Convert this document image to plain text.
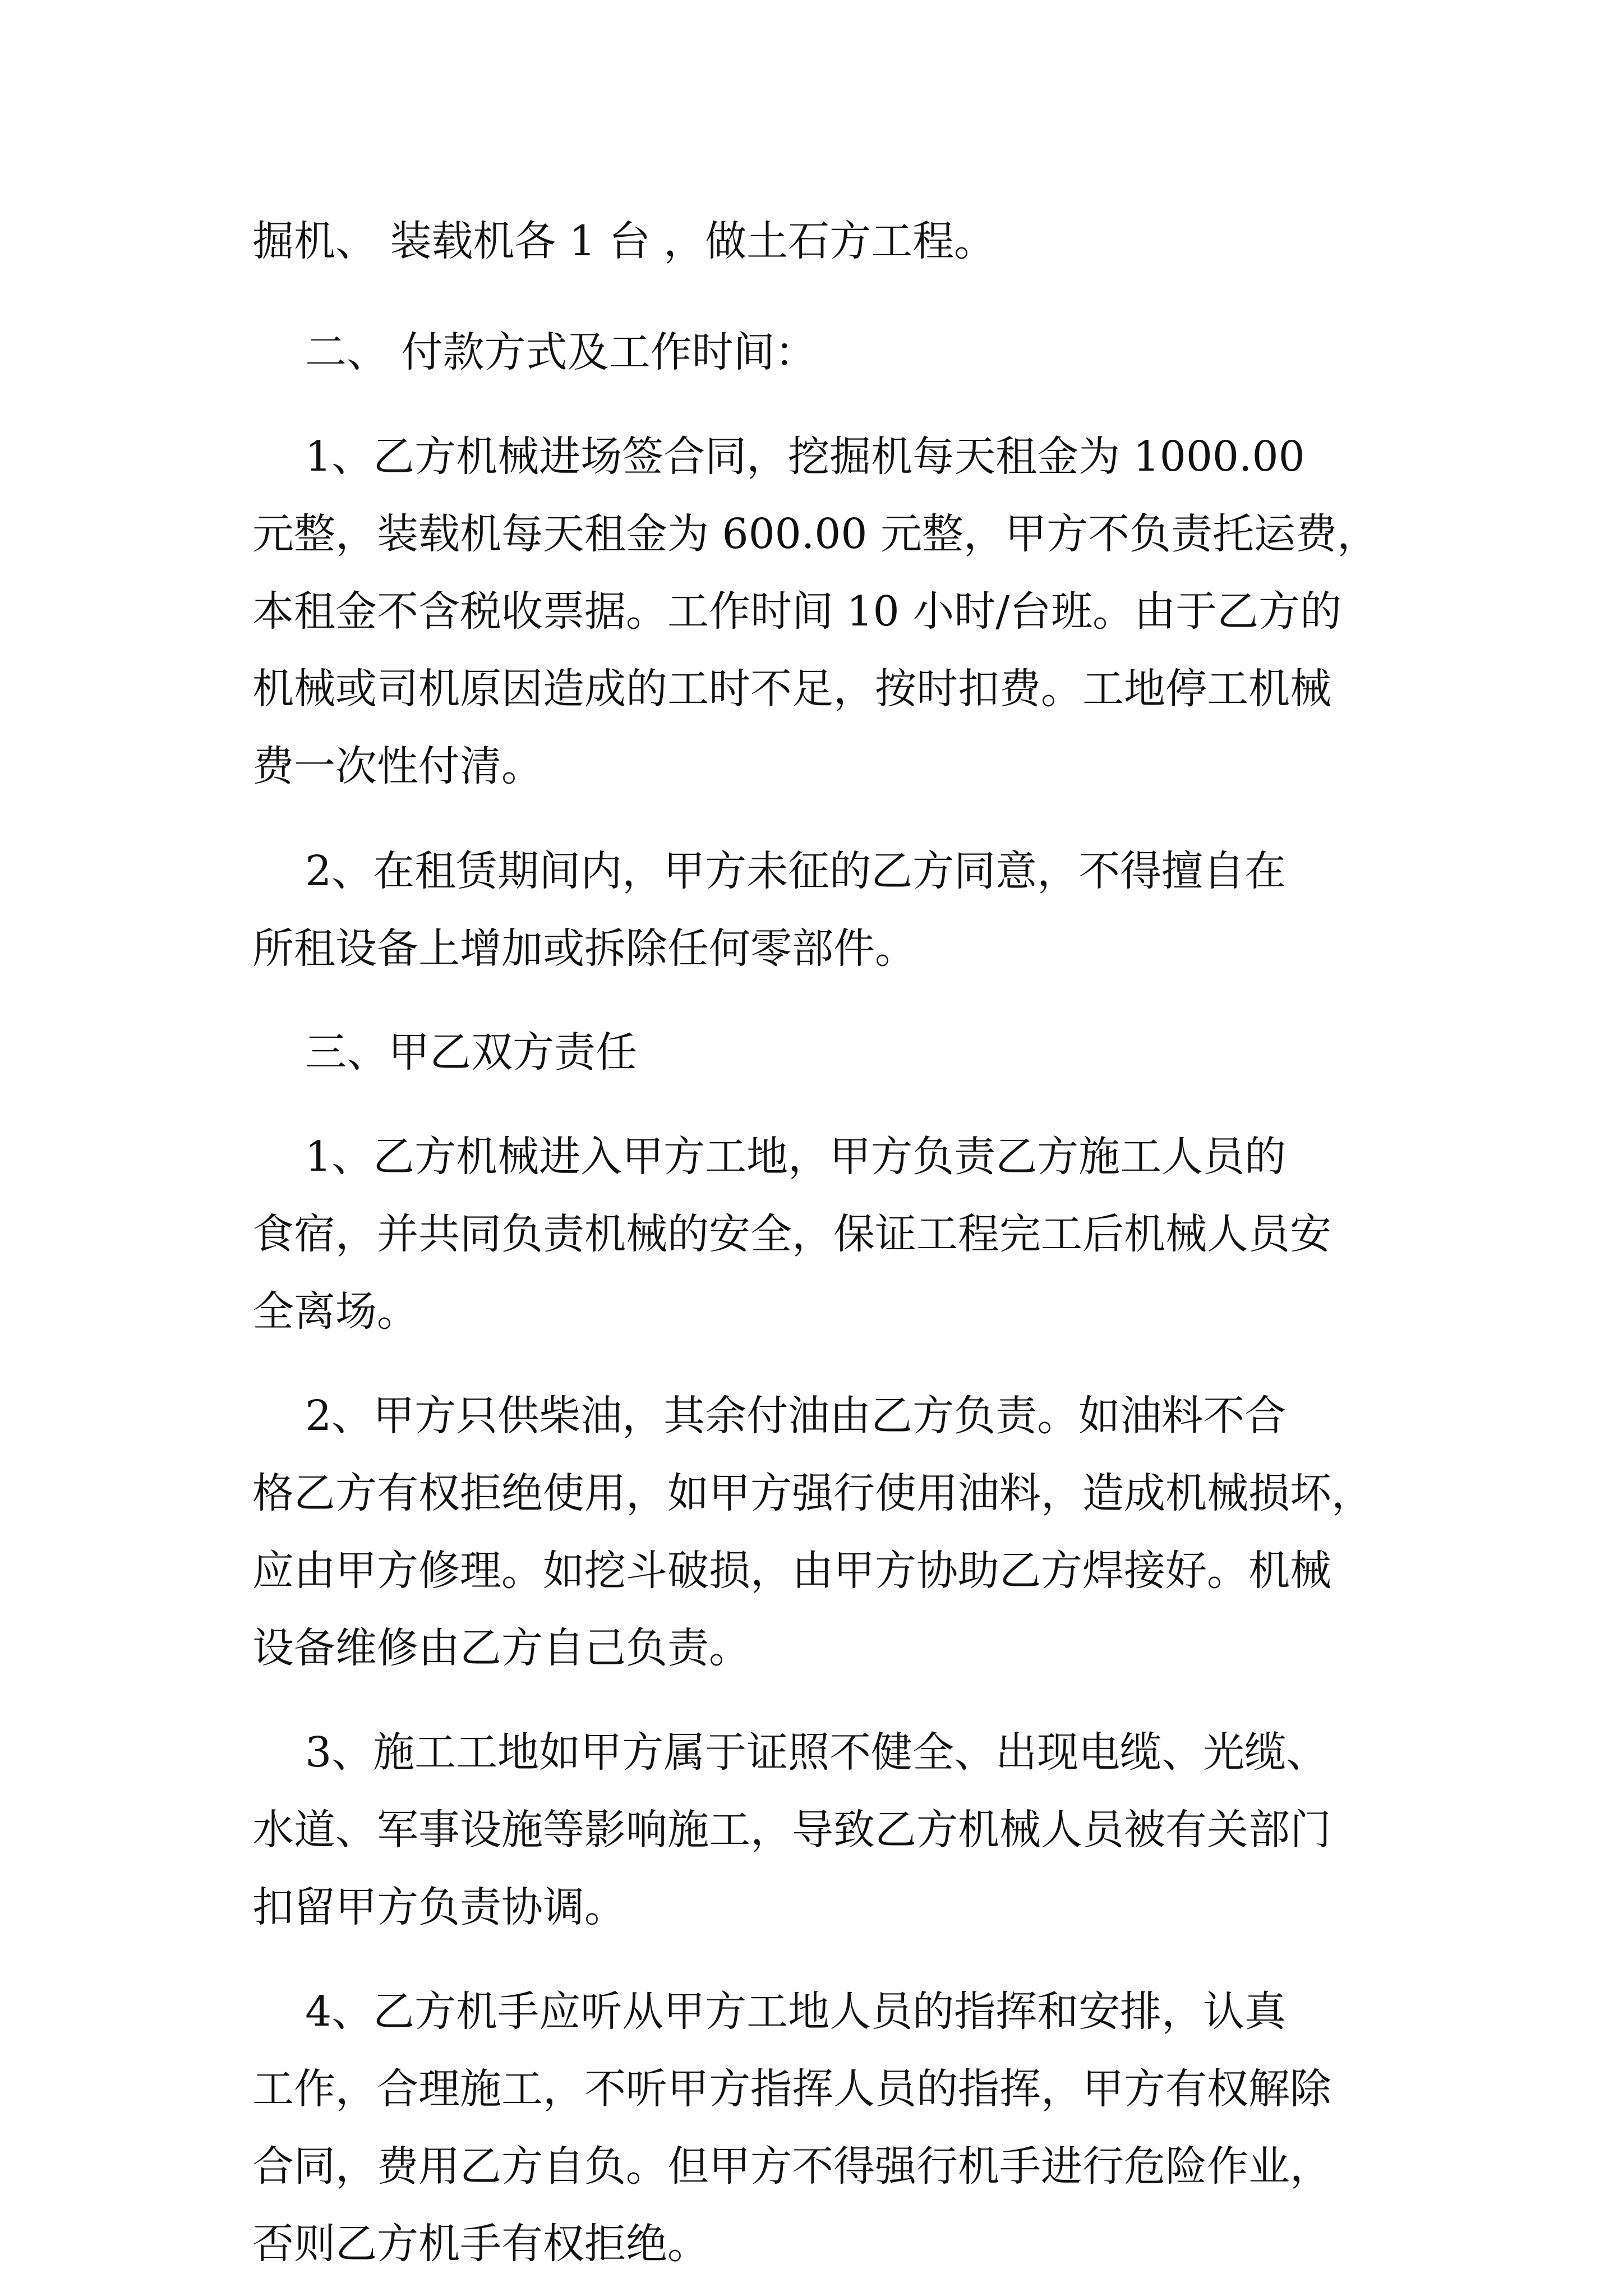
掘机、 装载机各 1 台 ，做土石方工程。
二、 付款方式及工作时间：
1、乙方机械进场签合同，挖掘机每天租金为 1000.00
元整，装载机每天租金为 600.00 元整，甲方不负责托运费，
本租金不含税收票据。工作时间 10 小时/台班。由于乙方的
机械或司机原因造成的工时不足，按时扣费。工地停工机械
费一次性付清。
2、在租赁期间内，甲方未征的乙方同意，不得擅自在
所租设备上增加或拆除任何零部件。
三、甲乙双方责任
1、乙方机械进入甲方工地，甲方负责乙方施工人员的
食宿，并共同负责机械的安全，保证工程完工后机械人员安
全离场。
2、甲方只供柴油，其余付油由乙方负责。如油料不合
格乙方有权拒绝使用，如甲方强行使用油料，造成机械损坏，
应由甲方修理。如挖斗破损，由甲方协助乙方焊接好。机械
设备维修由乙方自己负责。
3、施工工地如甲方属于证照不健全、出现电缆、光缆、
水道、军事设施等影响施工，导致乙方机械人员被有关部门
扣留甲方负责协调。
4、乙方机手应听从甲方工地人员的指挥和安排，认真
工作，合理施工，不听甲方指挥人员的指挥，甲方有权解除
合同，费用乙方自负。但甲方不得强行机手进行危险作业，
否则乙方机手有权拒绝。
